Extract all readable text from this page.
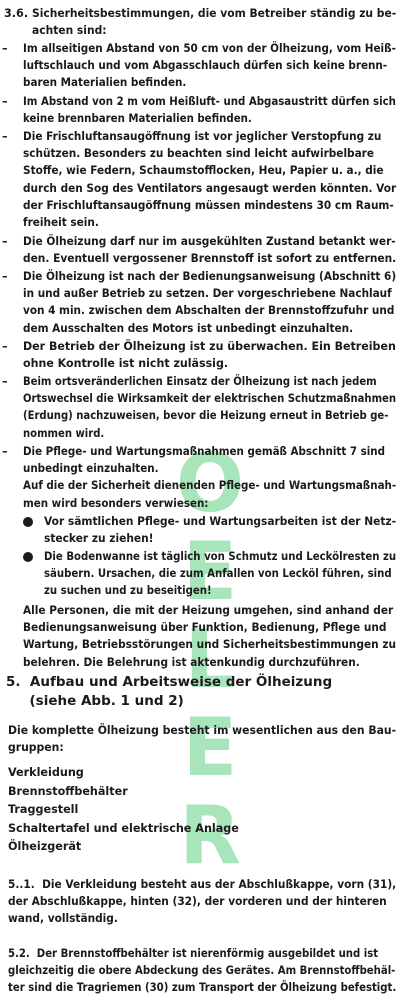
O
E
L
E
R
3.6. Sicherheitsbestimmungen, die vom Betreiber ständig zu be-
achten sind:
–	Im allseitigen Abstand von 50 cm von der Ölheizung, vom Heiß-
luftschlauch und vom Abgasschlauch dürfen sich keine brenn-
baren Materialien befinden.
–	Im Abstand von 2 m vom Heißluft- und Abgasaustritt dürfen sich
keine brennbaren Materialien befinden.
–	Die Frischluftansaugöffnung ist vor jeglicher Verstopfung zu
schützen. Besonders zu beachten sind leicht aufwirbelbare
Stoffe, wie Federn, Schaumstofflocken, Heu, Papier u. a., die
durch den Sog des Ventilators angesaugt werden könnten. Vor
der Frischluftansaugöffnung müssen mindestens 30 cm Raum-
freiheit sein.
–	Die Ölheizung darf nur im ausgekühlten Zustand betankt wer-
den. Eventuell vergossener Brennstoff ist sofort zu entfernen.
–	Die Ölheizung ist nach der Bedienungsanweisung (Abschnitt 6)
in und außer Betrieb zu setzen. Der vorgeschriebene Nachlauf
von 4 min. zwischen dem Abschalten der Brennstoffzufuhr und
dem Ausschalten des Motors ist unbedingt einzuhalten.
–	Der Betrieb der Ölheizung ist zu überwachen. Ein Betreiben
ohne Kontrolle ist nicht zulässig.
–	Beim ortsveränderlichen Einsatz der Ölheizung ist nach jedem
Ortswechsel die Wirksamkeit der elektrischen Schutzmaßnahmen
(Erdung) nachzuweisen, bevor die Heizung erneut in Betrieb ge-
nommen wird.
–	Die Pflege- und Wartungsmaßnahmen gemäß Abschnitt 7 sind
unbedingt einzuhalten.
Auf die der Sicherheit dienenden Pflege- und Wartungsmaßnah-
men wird besonders verwiesen:
Vor sämtlichen Pflege- und Wartungsarbeiten ist der Netz-
stecker zu ziehen!
Die Bodenwanne ist täglich von Schmutz und Leckölresten zu
säubern. Ursachen, die zum Anfallen von Lecköl führen, sind
zu suchen und zu beseitigen!
Alle Personen, die mit der Heizung umgehen, sind anhand der
Bedienungsanweisung über Funktion, Bedienung, Pflege und
Wartung, Betriebsstörungen und Sicherheitsbestimmungen zu
belehren. Die Belehrung ist aktenkundig durchzuführen.
5.  Aufbau und Arbeitsweise der Ölheizung
(siehe Abb. 1 und 2)
Die komplette Ölheizung besteht im wesentlichen aus den Bau-
gruppen:
Verkleidung
Brennstoffbehälter
Traggestell
Schaltertafel und elektrische Anlage
Ölheizgerät
5..1.  Die Verkleidung besteht aus der Abschlußkappe, vorn (31),
der Abschlußkappe, hinten (32), der vorderen und der hinteren
wand, vollständig.
5.2.  Der Brennstoffbehälter ist nierenförmig ausgebildet und ist
gleichzeitig die obere Abdeckung des Gerätes. Am Brennstoffbehäl-
ter sind die Tragriemen (30) zum Transport der Ölheizung befestigt.
